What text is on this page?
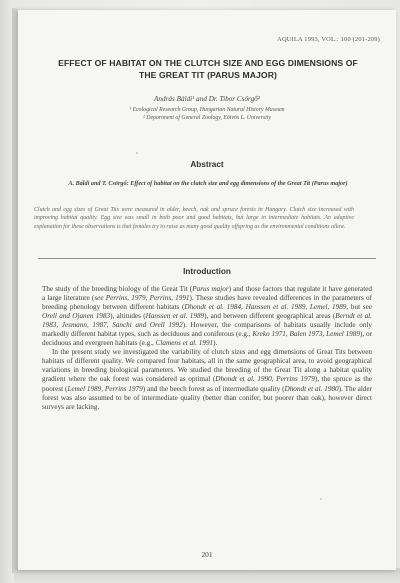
AQUILA 1993, VOL.: 100 (201-209)
EFFECT OF HABITAT ON THE CLUTCH SIZE AND EGG DIMENSIONS OF THE GREAT TIT (PARUS MAJOR)
András Báldi¹ and Dr. Tibor Csörgő²
¹ Ecological Research Group, Hungarian Natural History Museum
² Department of General Zoology, Eötvös L. University
Abstract
A. Báldi and T. Csörgő: Effect of habitat on the clutch size and egg dimensions of the Great Tit (Parus major)
Clutch and egg sizes of Great Tits were measured in alder, beech, oak and spruce forests in Hungary. Clutch size increased with improving habitat quality. Egg size was small in both poor and good habitats, but large in intermediate habitats. An adaptive explanation for these observations is that females try to raise as many good quality offspring as the environmental conditions allow.
Introduction

The study of the breeding biology of the Great Tit (Parus major) and those factors that regulate it have generated a large literature (see Perrins, 1979, Perrins, 1991). These studies have revealed differences in the parameters of breeding phenology between different habitats (Dhondt et al. 1984, Hanssen et al. 1989, Lemel, 1989, but see Orell and Ojanen 1983), altitudes (Hanssen et al. 1989), and between different geographical areas (Berndt et al. 1983, Jesmann, 1987, Sanchi and Orell 1992). However, the comparisons of habitats usually include only markedly different habitat types, such as deciduous and coniferous (e.g., Kreko 1971, Balen 1973, Lemel 1989), or deciduous and evergreen habitats (e.g., Clamens et al. 1991).

In the present study we investigated the variability of clutch sizes and egg dimensions of Great Tits between habitats of different quality. We compared four habitats, all in the same geographical area, to avoid geographical variations in breeding biological parameters. We studied the breeding of the Great Tit along a habitat quality gradient where the oak forest was considered as optimal (Dhondt et al. 1990, Perrins 1979), the spruce as the poorest (Lemel 1989, Perrins 1979) and the beech forest as of intermediate quality (Dhondt et al. 1980). The alder forest was also assumed to be of intermediate quality (better than conifer, but poorer than oak), however direct surveys are lacking.

201
